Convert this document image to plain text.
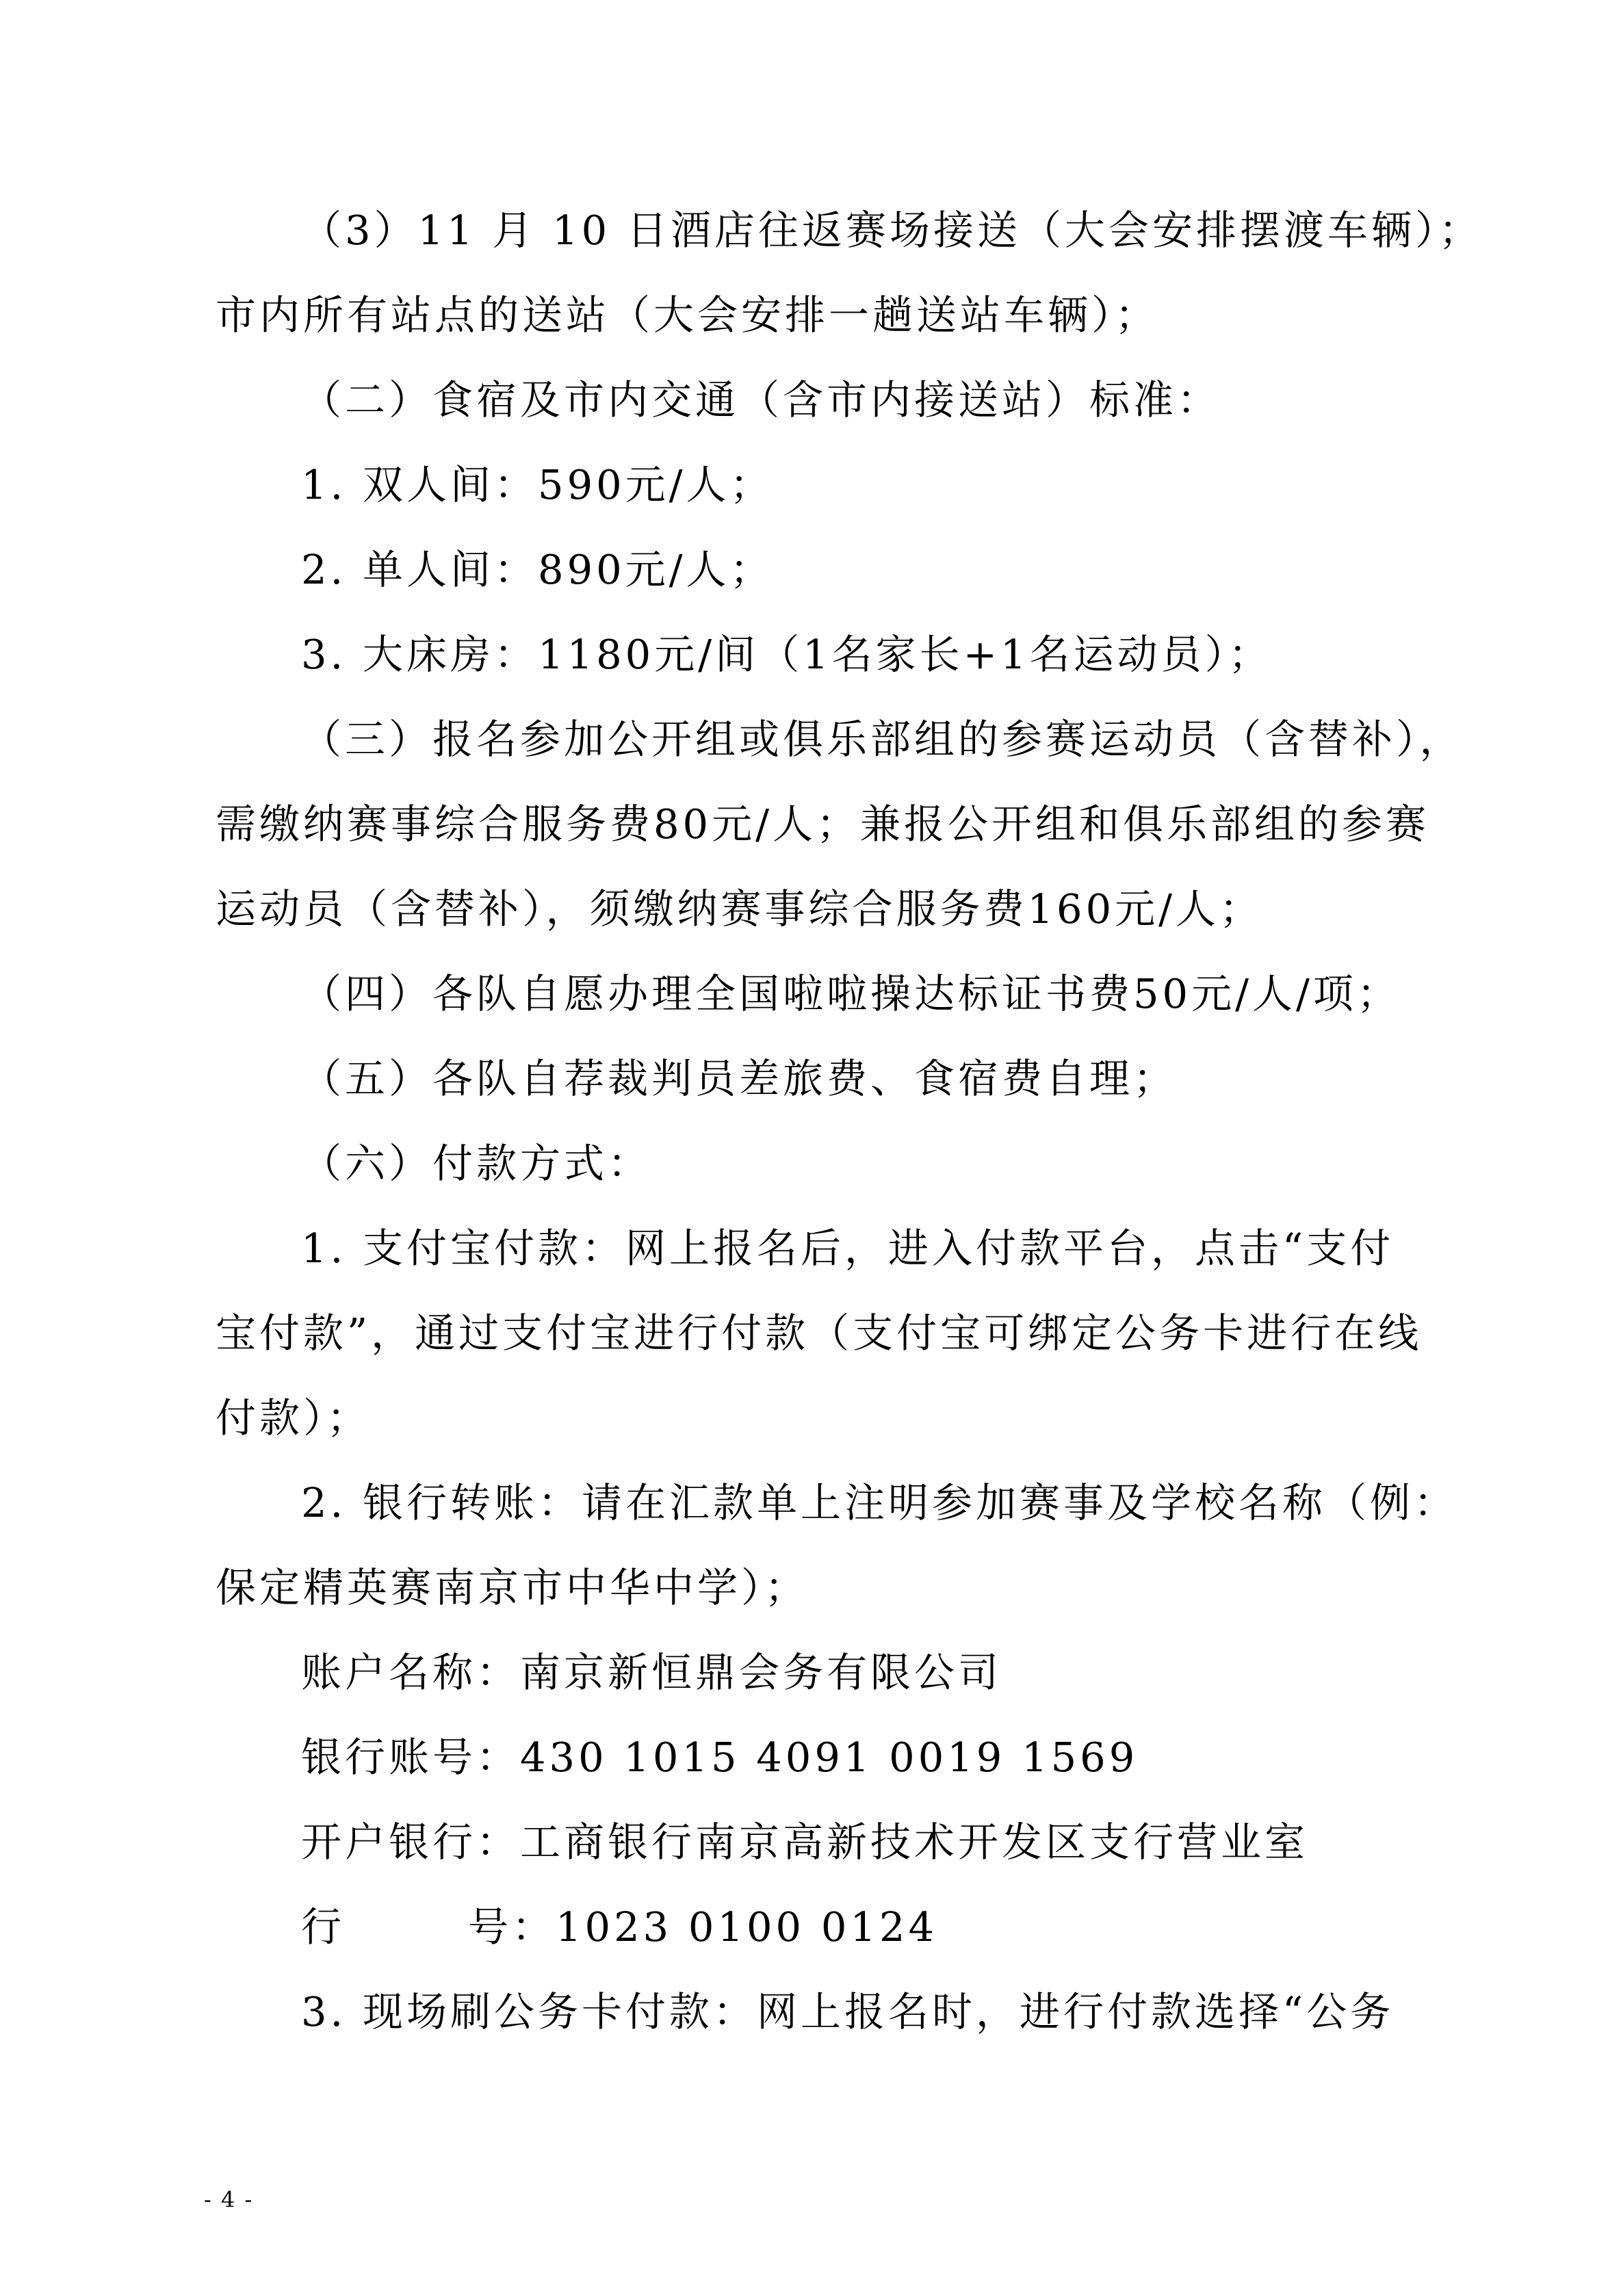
（3）11 月 10 日酒店往返赛场接送（大会安排摆渡车辆）；

市内所有站点的送站（大会安排一趟送站车辆）；

（二）食宿及市内交通（含市内接送站）标准：

1. 双人间：590元/人；

2. 单人间：890元/人；

3. 大床房：1180元/间（1名家长+1名运动员）；

（三）报名参加公开组或俱乐部组的参赛运动员（含替补），

需缴纳赛事综合服务费80元/人；兼报公开组和俱乐部组的参赛

运动员（含替补），须缴纳赛事综合服务费160元/人；

（四）各队自愿办理全国啦啦操达标证书费50元/人/项；

（五）各队自荐裁判员差旅费、食宿费自理；

（六）付款方式：

1. 支付宝付款：网上报名后，进入付款平台，点击“支付

宝付款”，通过支付宝进行付款（支付宝可绑定公务卡进行在线

付款）；

2. 银行转账：请在汇款单上注明参加赛事及学校名称（例：

保定精英赛南京市中华中学）；

账户名称：南京新恒鼎会务有限公司

银行账号：430 1015 4091 0019 1569

开户银行：工商银行南京高新技术开发区支行营业室

行	号：1023 0100 0124

3. 现场刷公务卡付款：网上报名时，进行付款选择“公务

- 4 -
